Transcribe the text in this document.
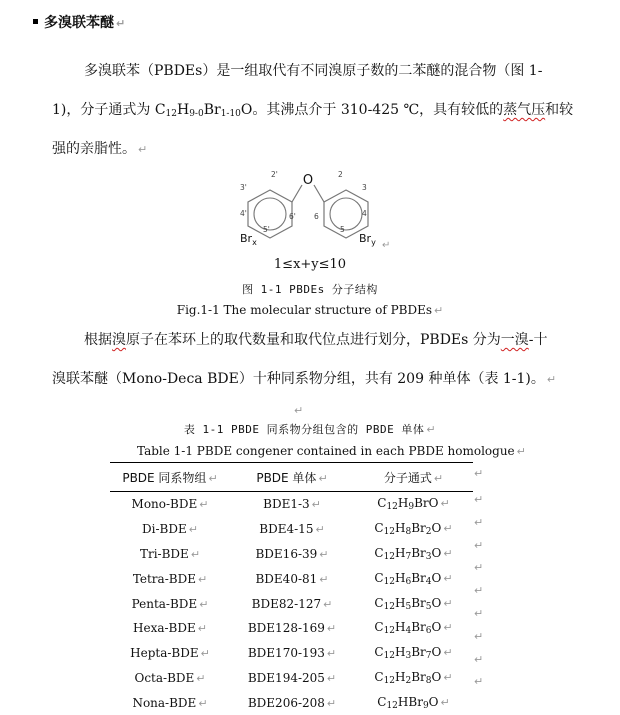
多溴联苯醚 ↵
多溴联苯（PBDEs）是一组取代有不同溴原子数的二苯醚的混合物（图 1-
1)，分子通式为 $C_{12}H_{9-0}Br_{1-10}O$。其沸点介于 310-425 ℃，具有较低的蒸气压和较
强的亲脂性。 ↵
O
2'
3'
4'
5'
6'
2
3
4
5
6
$Br_x$	$Br_y$ ↵
1≤x+y≤10
图 1-1 PBDEs 分子结构
Fig.1-1 The molecular structure of PBDEs ↵
根据溴原子在苯环上的取代数量和取代位点进行划分，PBDEs 分为一溴-十
溴联苯醚（Mono-Deca BDE）十种同系物分组，共有 209 种单体（表 1-1)。 ↵
↵
表 1-1 PBDE 同系物分组包含的 PBDE 单体 ↵
Table 1-1 PBDE congener contained in each PBDE homologue ↵
PBDE 同系物组 ↵	PBDE 单体 ↵	分子通式 ↵
Mono-BDE ↵	BDE1-3 ↵	$C_{12}H_9BrO$ ↵
Di-BDE ↵	BDE4-15 ↵	$C_{12}H_8Br_2O$ ↵
Tri-BDE ↵	BDE16-39 ↵	$C_{12}H_7Br_3O$ ↵
Tetra-BDE ↵	BDE40-81 ↵	$C_{12}H_6Br_4O$ ↵
Penta-BDE ↵	BDE82-127 ↵	$C_{12}H_5Br_5O$ ↵
Hexa-BDE ↵	BDE128-169 ↵	$C_{12}H_4Br_6O$ ↵
Hepta-BDE ↵	BDE170-193 ↵	$C_{12}H_3Br_7O$ ↵
Octa-BDE ↵	BDE194-205 ↵	$C_{12}H_2Br_8O$ ↵
Nona-BDE ↵	BDE206-208 ↵	$C_{12}HBr_9O$ ↵
↵
↵
↵
↵
↵
↵
↵
↵
↵
↵
